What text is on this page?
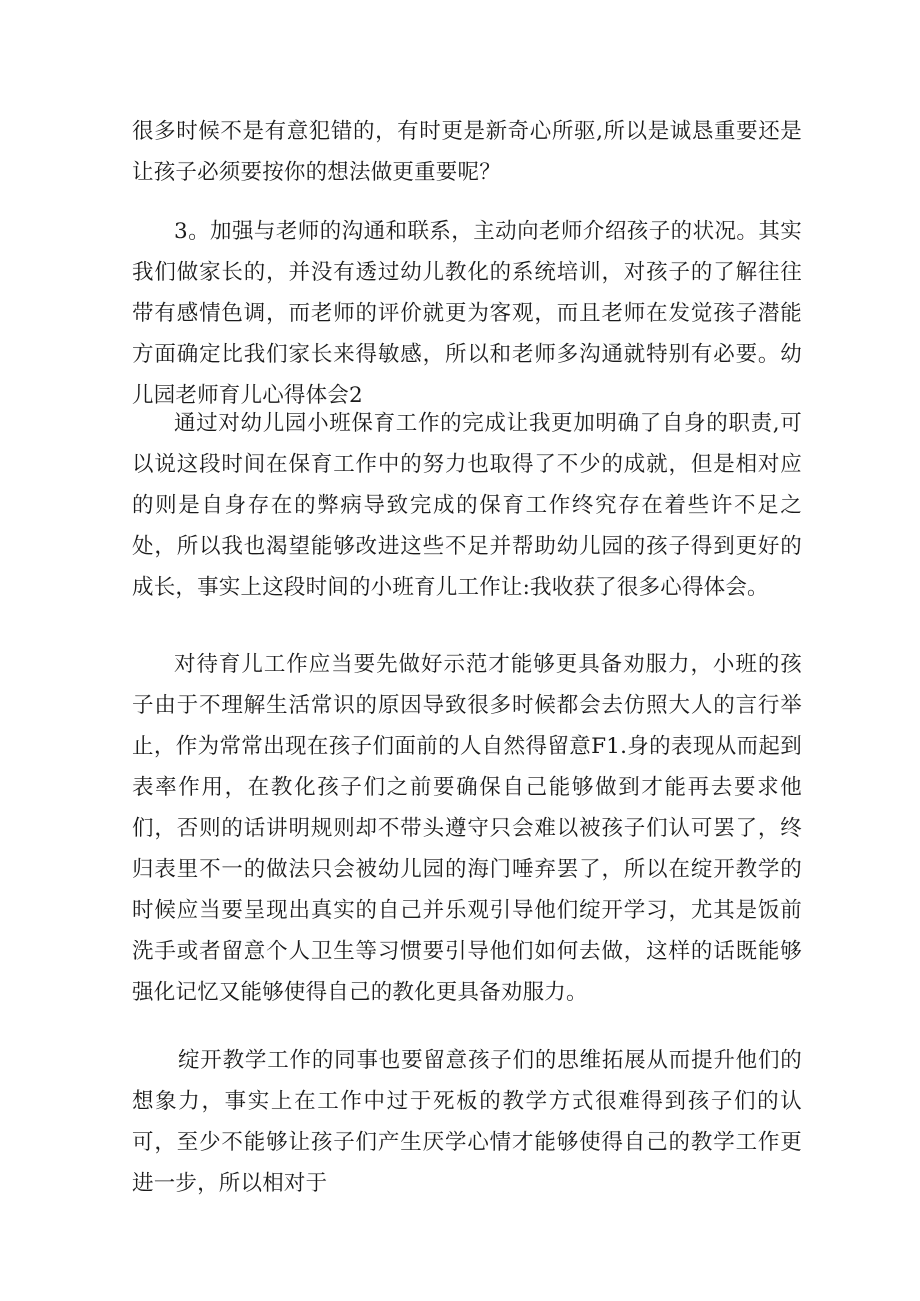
很多时候不是有意犯错的，有时更是新奇心所驱,所以是诚恳重要还是让孩子必须要按你的想法做更重要呢？

3。加强与老师的沟通和联系，主动向老师介绍孩子的状况。其实我们做家长的，并没有透过幼儿教化的系统培训，对孩子的了解往往带有感情色调，而老师的评价就更为客观，而且老师在发觉孩子潜能方面确定比我们家长来得敏感，所以和老师多沟通就特别有必要。幼儿园老师育儿心得体会2

通过对幼儿园小班保育工作的完成让我更加明确了自身的职责,可以说这段时间在保育工作中的努力也取得了不少的成就，但是相对应的则是自身存在的弊病导致完成的保育工作终究存在着些许不足之处，所以我也渴望能够改进这些不足并帮助幼儿园的孩子得到更好的成长，事实上这段时间的小班育儿工作让:我收获了很多心得体会。

对待育儿工作应当要先做好示范才能够更具备劝服力，小班的孩子由于不理解生活常识的原因导致很多时候都会去仿照大人的言行举止，作为常常出现在孩子们面前的人自然得留意F1.身的表现从而起到表率作用，在教化孩子们之前要确保自己能够做到才能再去要求他们，否则的话讲明规则却不带头遵守只会难以被孩子们认可罢了，终归表里不一的做法只会被幼儿园的海门唾弃罢了，所以在绽开教学的时候应当要呈现出真实的自己并乐观引导他们绽开学习，尤其是饭前洗手或者留意个人卫生等习惯要引导他们如何去做，这样的话既能够强化记忆又能够使得自己的教化更具备劝服力。

绽开教学工作的同事也要留意孩子们的思维拓展从而提升他们的想象力，事实上在工作中过于死板的教学方式很难得到孩子们的认可，至少不能够让孩子们产生厌学心情才能够使得自己的教学工作更进一步，所以相对于
